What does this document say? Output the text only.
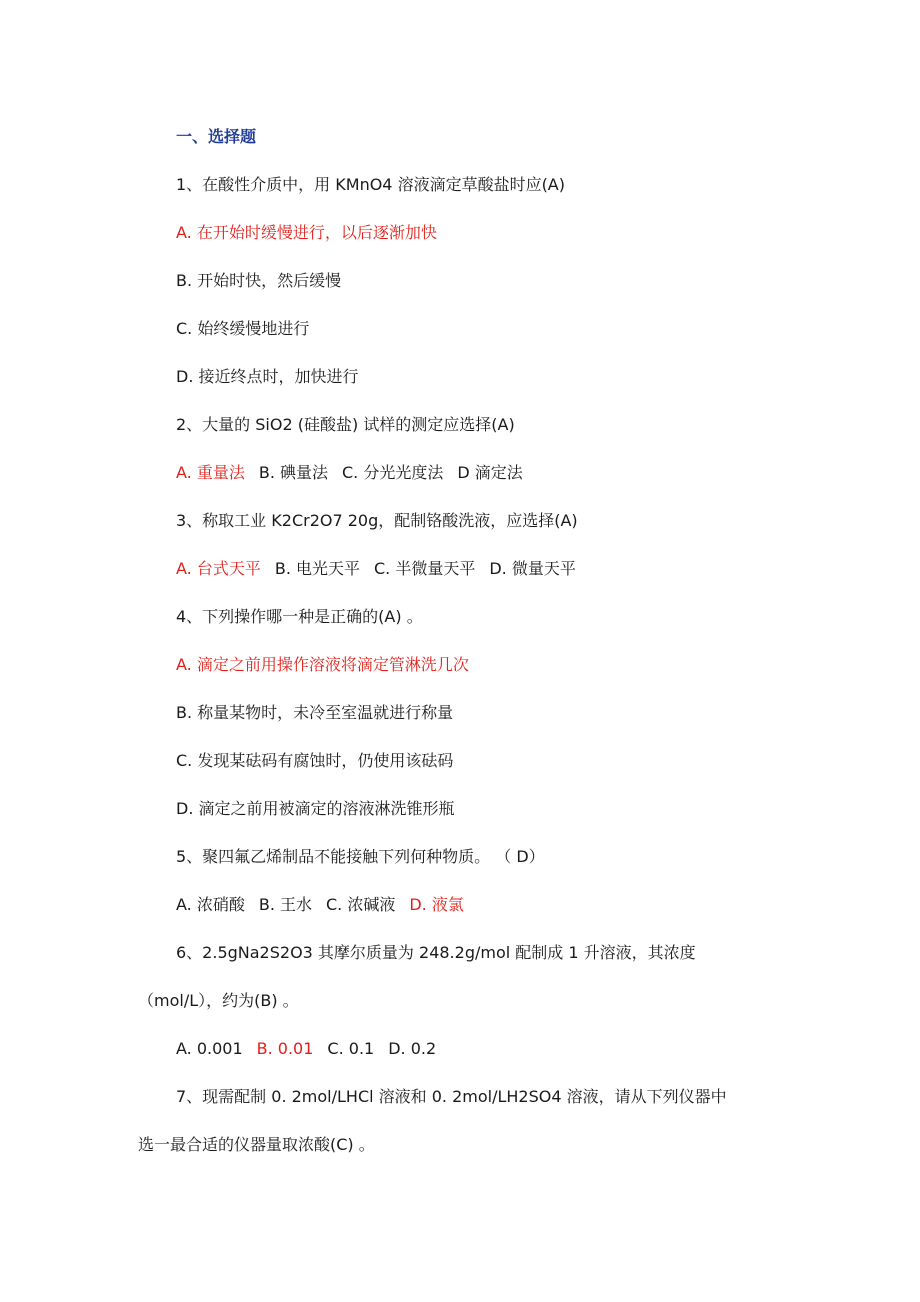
一、选择题
1、在酸性介质中，用 KMnO4 溶液滴定草酸盐时应(A)
A. 在开始时缓慢进行，以后逐渐加快
B. 开始时快，然后缓慢
C. 始终缓慢地进行
D. 接近终点时，加快进行
2、大量的 SiO2 (硅酸盐) 试样的测定应选择(A)
A. 重量法 B. 碘量法 C. 分光光度法 D 滴定法
3、称取工业 K2Cr2O7 20g，配制铬酸洗液，应选择(A)
A. 台式天平 B. 电光天平 C. 半微量天平 D. 微量天平
4、下列操作哪一种是正确的(A) 。
A. 滴定之前用操作溶液将滴定管淋洗几次
B. 称量某物时，未冷至室温就进行称量
C. 发现某砝码有腐蚀时，仍使用该砝码
D. 滴定之前用被滴定的溶液淋洗锥形瓶
5、聚四氟乙烯制品不能接触下列何种物质。 （ D）
A. 浓硝酸 B. 王水 C. 浓碱液 D. 液氯
6、2.5gNa2S2O3 其摩尔质量为 248.2g/mol 配制成 1 升溶液，其浓度
（mol/L），约为(B) 。
A. 0.001 B. 0.01 C. 0.1 D. 0.2
7、现需配制 0. 2mol/LHCl 溶液和 0. 2mol/LH2SO4 溶液，请从下列仪器中
选一最合适的仪器量取浓酸(C) 。
